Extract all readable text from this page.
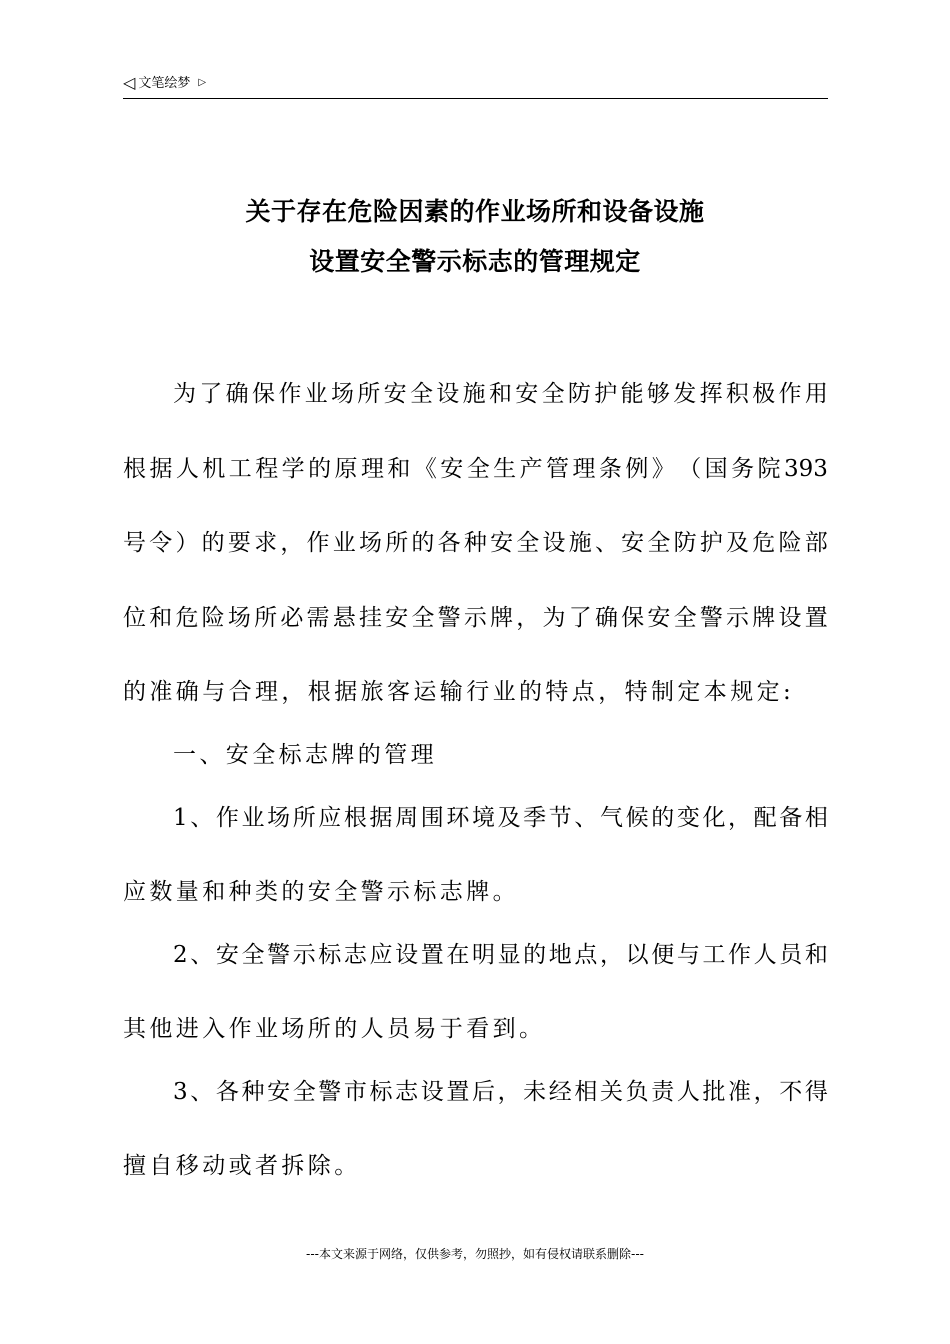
◁ 文笔绘梦 ▷
关于存在危险因素的作业场所和设备设施
设置安全警示标志的管理规定
为 了 确 保 作 业 场 所 安 全 设 施 和 安 全 防 护 能 够 发 挥 积 极 作 用
根 据 人 机 工 程 学 的 原 理 和 《 安 全 生 产 管 理 条 例 》 （ 国 务 院 393
号 令 ） 的 要 求 ， 作 业 场 所 的 各 种 安 全 设 施 、 安 全 防 护 及 危 险 部
位 和 危 险 场 所 必 需 悬 挂 安 全 警 示 牌 ， 为 了 确 保 安 全 警 示 牌 设 置
的准确与合理，根据旅客运输行业的特点，特制定本规定:
一、安全标志牌的管理
1 、 作 业 场 所 应 根 据 周 围 环 境 及 季 节 、 气 候 的 变 化 ， 配 备 相
应数量和种类的安全警示标志牌。
2 、 安 全 警 示 标 志 应 设 置 在 明 显 的 地 点 ， 以 便 与 工 作 人 员 和
其他进入作业场所的人员易于看到。
3 、 各 种 安 全 警 市 标 志 设 置 后 ， 未 经 相 关 负 责 人 批 准 ， 不 得
擅自移动或者拆除。
---本文来源于网络，仅供参考，勿照抄，如有侵权请联系删除---
